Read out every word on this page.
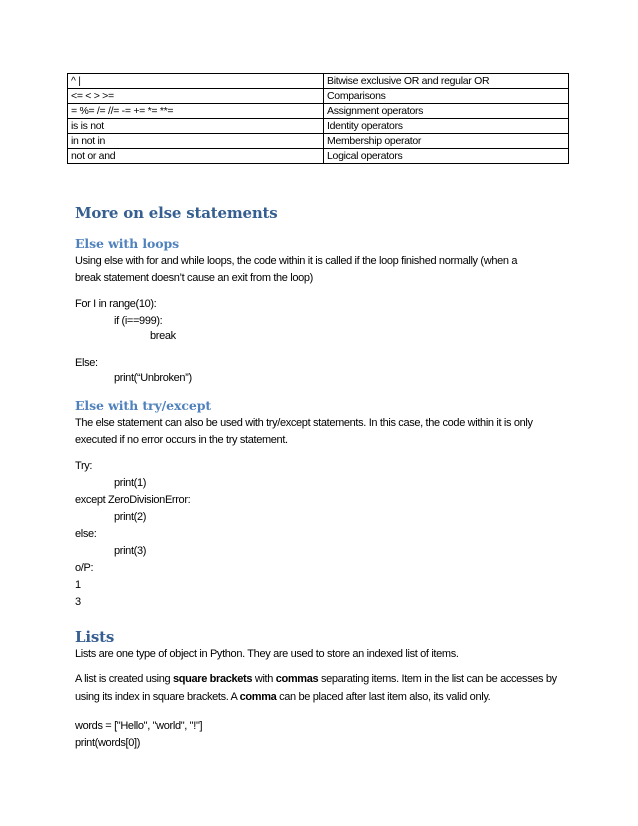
^ |	Bitwise exclusive OR and regular OR
<= < > >=	Comparisons
= %= /= //= -= += *= **=	Assignment operators
is is not	Identity operators
in not in	Membership operator
not or and	Logical operators
More on else statements
Else with loops

Using else with for and while loops, the code within it is called if the loop finished normally (when a

break statement doesn’t cause an exit from the loop)

For I in range(10):

if (i==999):

break

Else:

print(“Unbroken”)

Else with try/except

The else statement can also be used with try/except statements. In this case, the code within it is only

executed if no error occurs in the try statement.

Try:

print(1)

except ZeroDivisionError:

print(2)

else:

print(3)

o/P:

1

3

Lists

Lists are one type of object in Python. They are used to store an indexed list of items.

A list is created using square brackets with commas separating items. Item in the list can be accesses by
using its index in square brackets. A comma can be placed after last item also, its valid only.

words = ["Hello", "world", "!"]

print(words[0])
